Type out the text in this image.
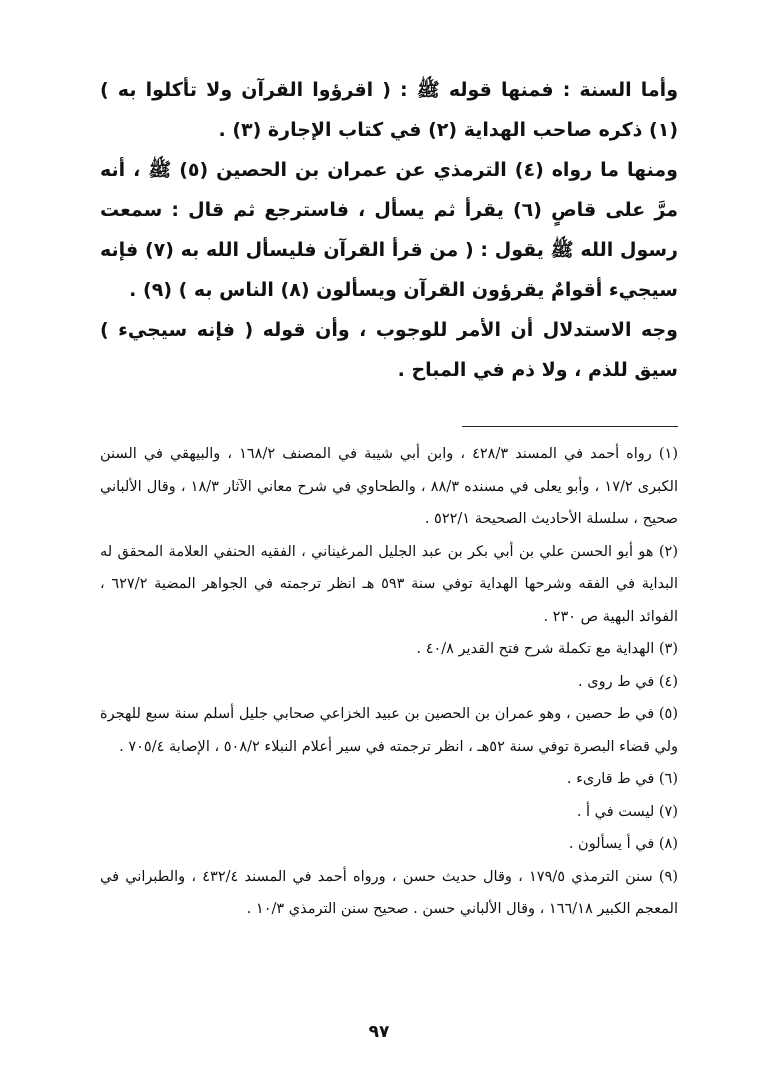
وأما السنة : فمنها قوله ﷺ : ( اقرؤوا القرآن ولا تأكلوا به ) (١) ذكره صاحب الهداية (٢) في كتاب الإجارة (٣) .

ومنها ما رواه (٤) الترمذي عن عمران بن الحصين (٥) ﷺ ، أنه مرَّ على قاصٍ (٦) يقرأ ثم يسأل ، فاسترجع ثم قال : سمعت رسول الله ﷺ يقول : ( من قرأ القرآن فليسأل الله به (٧) فإنه سيجيء أقوامٌ يقرؤون القرآن ويسألون (٨) الناس به ) (٩) .

وجه الاستدلال أن الأمر للوجوب ، وأن قوله ( فإنه سيجيء ) سيق للذم ، ولا ذم في المباح .

(١) رواه أحمد في المسند ٤٢٨/٣ ، وابن أبي شيبة في المصنف ١٦٨/٢ ، والبيهقي في السنن الكبرى ١٧/٢ ، وأبو يعلى في مسنده ٨٨/٣ ، والطحاوي في شرح معاني الآثار ١٨/٣ ، وقال الألباني صحيح ، سلسلة الأحاديث الصحيحة ٥٢٢/١ .

(٢) هو أبو الحسن علي بن أبي بكر بن عبد الجليل المرغيناني ، الفقيه الحنفي العلامة المحقق له البداية في الفقه وشرحها الهداية توفي سنة ٥٩٣ هـ انظر ترجمته في الجواهر المضية ٦٢٧/٢ ، الفوائد البهية ص ٢٣٠ .

(٣) الهداية مع تكملة شرح فتح القدير ٤٠/٨ .

(٤) في ط روى .

(٥) في ط حصين ، وهو عمران بن الحصين بن عبيد الخزاعي صحابي جليل أسلم سنة سبع للهجرة ولي قضاء البصرة توفي سنة ٥٢هـ ، انظر ترجمته في سير أعلام النبلاء ٥٠٨/٢ ، الإصابة ٧٠٥/٤ .

(٦) في ط قارىء .

(٧) ليست في أ .

(٨) في أ يسألون .

(٩) سنن الترمذي ١٧٩/٥ ، وقال حديث حسن ، ورواه أحمد في المسند ٤٣٢/٤ ، والطبراني في المعجم الكبير ١٦٦/١٨ ، وقال الألباني حسن . صحيح سنن الترمذي ١٠/٣ .

٩٧
